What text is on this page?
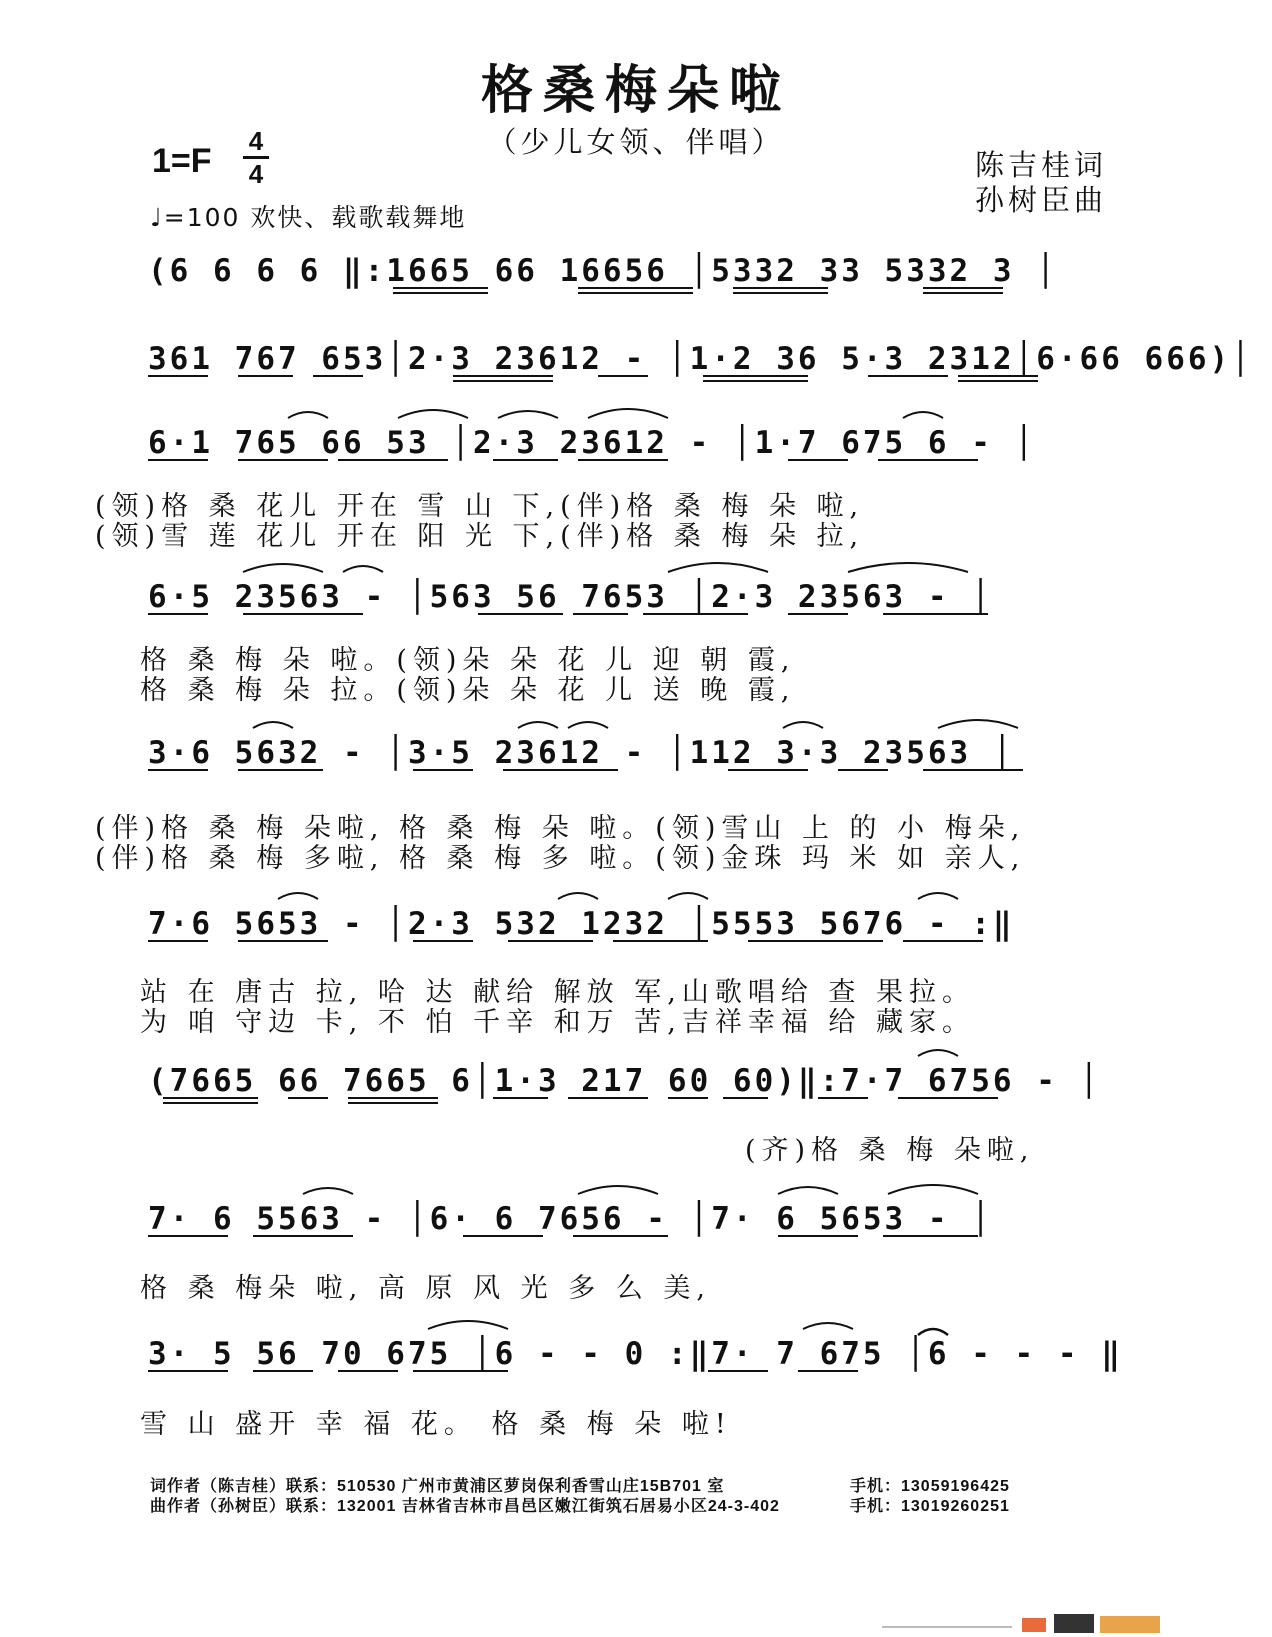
格桑梅朵啦
（少儿女领、伴唱）
1=F
4
4
♩=100 欢快、载歌载舞地
陈吉桂词
孙树臣曲
(6 6 6 6 ‖:1665 66 16656 │5332 33 5332 3 │
361 767 653│2·3 23612 - │1·2 36 5·3 2312│6·66 666)│
6·1 765 66 53 │2·3 23612 - │1·7 675 6 - │
(领)格 桑 花儿 开在 雪 山 下,(伴)格 桑 梅 朵 啦,
(领)雪 莲 花儿 开在 阳 光 下,(伴)格 桑 梅 朵 拉,
6·5 23563 - │563 56 7653 │2·3 23563 - │
格 桑 梅 朵 啦。(领)朵 朵 花 儿 迎 朝 霞,
格 桑 梅 朵 拉。(领)朵 朵 花 儿 送 晚 霞,
3·6 5632 - │3·5 23612 - │112 3·3 23563 │
(伴)格 桑 梅 朵啦, 格 桑 梅 朵 啦。(领)雪山 上 的 小 梅朵,
(伴)格 桑 梅 多啦, 格 桑 梅 多 啦。(领)金珠 玛 米 如 亲人,
7·6 5653 - │2·3 532 1232 │5553 5676 - :‖
站 在 唐古 拉, 哈 达 献给 解放 军,山歌唱给 查 果拉。
为 咱 守边 卡, 不 怕 千辛 和万 苦,吉祥幸福 给 藏家。
(7665 66 7665 6│1·3 217 60 60)‖:7·7 6756 - │
(齐)格 桑 梅 朵啦,
7· 6 5563 - │6· 6 7656 - │7· 6 5653 - │
格 桑 梅朵 啦, 高 原 风 光 多 么 美,
3· 5 56 70 675 │6 - - 0 :‖7· 7 675 │6 - - - ‖
雪 山 盛开 幸 福 花。 格 桑 梅 朵 啦!
词作者（陈吉桂）联系：510530 广州市黄浦区萝岗保利香雪山庄15B701 室	手机：13059196425
曲作者（孙树臣）联系：132001 吉林省吉林市昌邑区嫩江街筑石居易小区24-3-402	手机：13019260251
